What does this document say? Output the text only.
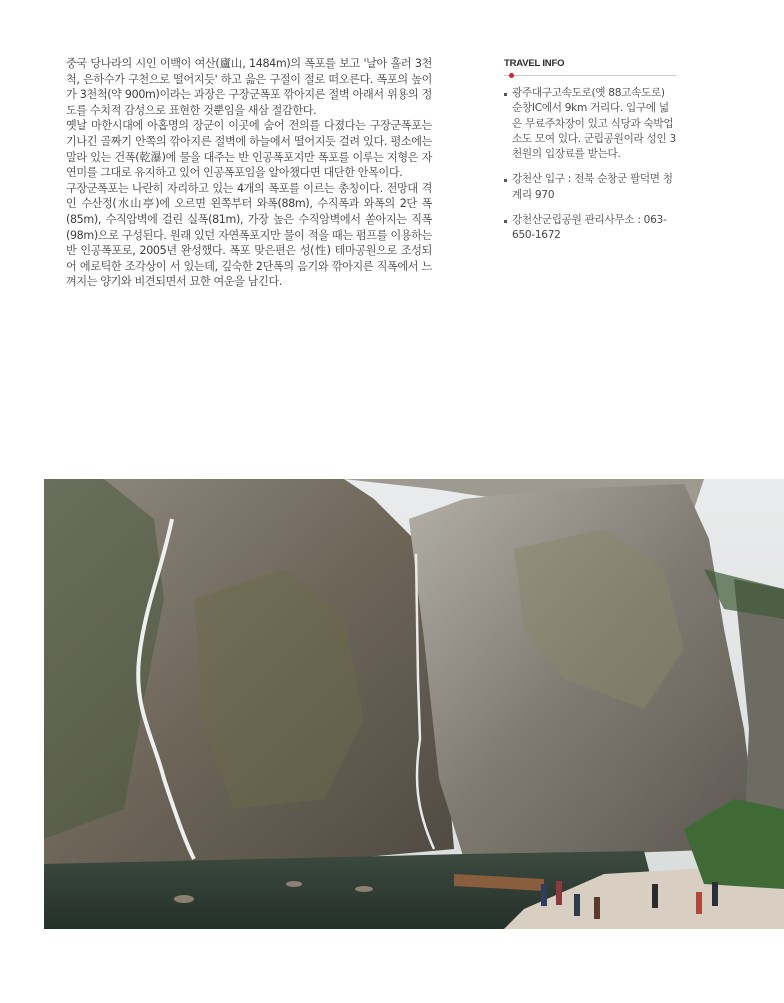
중국 당나라의 시인 이백이 여산(廬山, 1484m)의 폭포를 보고 '날아 흘러 3천척, 은하수가 구천으로 떨어지듯' 하고 읊은 구절이 절로 떠오른다. 폭포의 높이가 3천척(약 900m)이라는 과장은 구장군폭포 깎아지른 절벽 아래서 위용의 정도를 수치적 감성으로 표현한 것뿐임을 새삼 절감한다.

옛날 마한시대에 아홉명의 장군이 이곳에 숨어 전의를 다졌다는 구장군폭포는 기나긴 골짜기 안쪽의 깎아지른 절벽에 하늘에서 떨어지듯 걸려 있다. 평소에는 말라 있는 건폭(乾瀑)에 물을 대주는 반 인공폭포지만 폭포를 이루는 지형은 자연미를 그대로 유지하고 있어 인공폭포임을 알아챘다면 대단한 안목이다.

구장군폭포는 나란히 자리하고 있는 4개의 폭포를 이르는 총칭이다. 전망대 격인 수산정(水山亭)에 오르면 왼쪽부터 와폭(88m), 수직폭과 와폭의 2단 폭(85m), 수직암벽에 걸린 실폭(81m), 가장 높은 수직암벽에서 쏟아지는 직폭(98m)으로 구성된다. 원래 있던 자연폭포지만 물이 적을 때는 펌프를 이용하는 반 인공폭포로, 2005년 완성했다. 폭포 맞은편은 성(性) 테마공원으로 조성되어 에로틱한 조각상이 서 있는데, 깊숙한 2단폭의 음기와 깎아지른 직폭에서 느껴지는 양기와 비견되면서 묘한 여운을 남긴다.

TRAVEL INFO
광주대구고속도로(옛 88고속도로) 순창IC에서 9km 거리다. 입구에 넓은 무료주차장이 있고 식당과 숙박업소도 모여 있다. 군립공원이라 성인 3천원의 입장료를 받는다.
강천산 입구 : 전북 순창군 팔덕면 청계리 970
강천산군립공원 관리사무소 : 063-650-1672
